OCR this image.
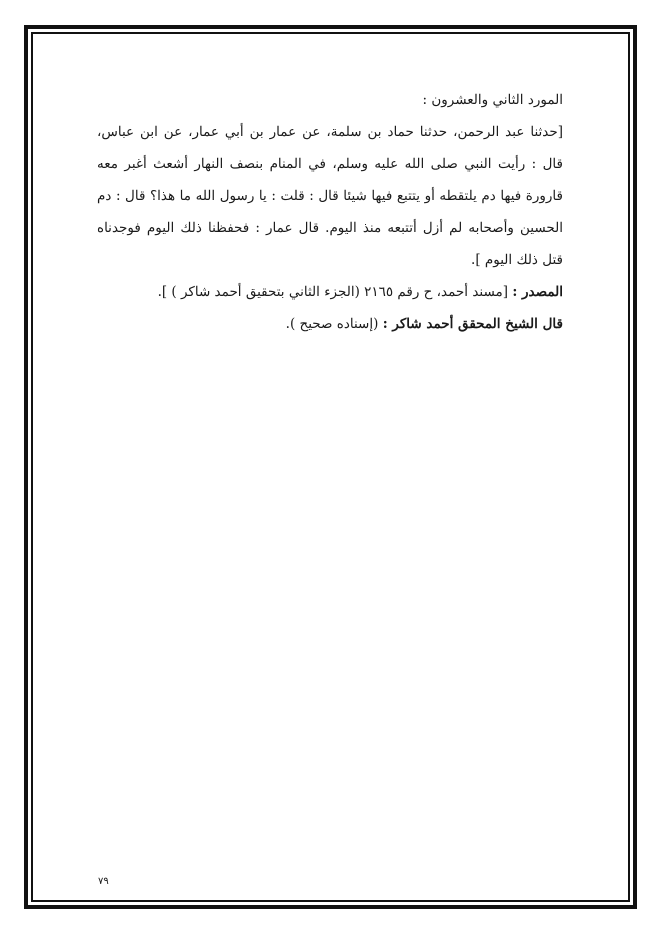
المورد الثاني والعشرون :

[حدثنا عبد الرحمن، حدثنا حماد بن سلمة، عن عمار بن أبي عمار، عن ابن عباس، قال : رأيت النبي صلى الله عليه وسلم، في المنام بنصف النهار أشعث أغبر معه قارورة فيها دم يلتقطه أو يتتبع فيها شيئا قال : قلت : يا رسول الله ما هذا؟ قال : دم الحسين وأصحابه لم أزل أتتبعه منذ اليوم. قال عمار : فحفظنا ذلك اليوم فوجدناه قتل ذلك اليوم ].

المصدر : [مسند أحمد، ح رقم ٢١٦٥ (الجزء الثاني بتحقيق أحمد شاكر ) ].

قال الشيخ المحقق أحمد شاكر : (إسناده صحيح ).

٧٩
